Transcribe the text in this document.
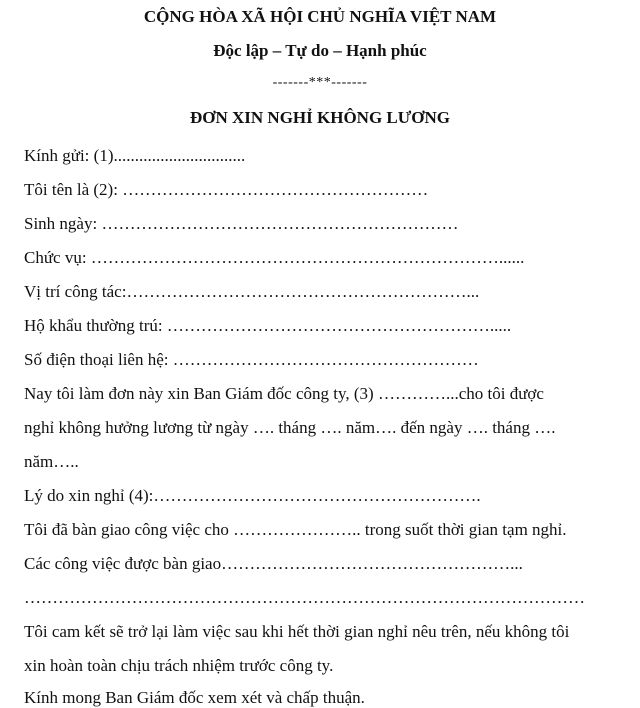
CỘNG HÒA XÃ HỘI CHỦ NGHĨA VIỆT NAM
Độc lập – Tự do – Hạnh phúc
-------***-------
ĐƠN XIN NGHỈ KHÔNG LƯƠNG
Kính gửi: (1)...............................
Tôi tên là (2): ………………………………………………
Sinh ngày: ………………………………………………………
Chức vụ: ………………………………………………………………......
Vị trí công tác:……………………………………………………...
Hộ khẩu thường trú: ………………………………………………….....
Số điện thoại liên hệ: ………………………………………………
Nay tôi làm đơn này xin Ban Giám đốc công ty, (3) …………...cho tôi được
nghỉ không hưởng lương từ ngày …. tháng …. năm…. đến ngày …. tháng ….
năm…..
Lý do xin nghỉ (4):………………………………………………….
Tôi đã bàn giao công việc cho ………………….. trong suốt thời gian tạm nghỉ.
Các công việc được bàn giao……………………………………………...
………………………………………………………………………………………
Tôi cam kết sẽ trở lại làm việc sau khi hết thời gian nghỉ nêu trên, nếu không tôi
xin hoàn toàn chịu trách nhiệm trước công ty.
Kính mong Ban Giám đốc xem xét và chấp thuận.
